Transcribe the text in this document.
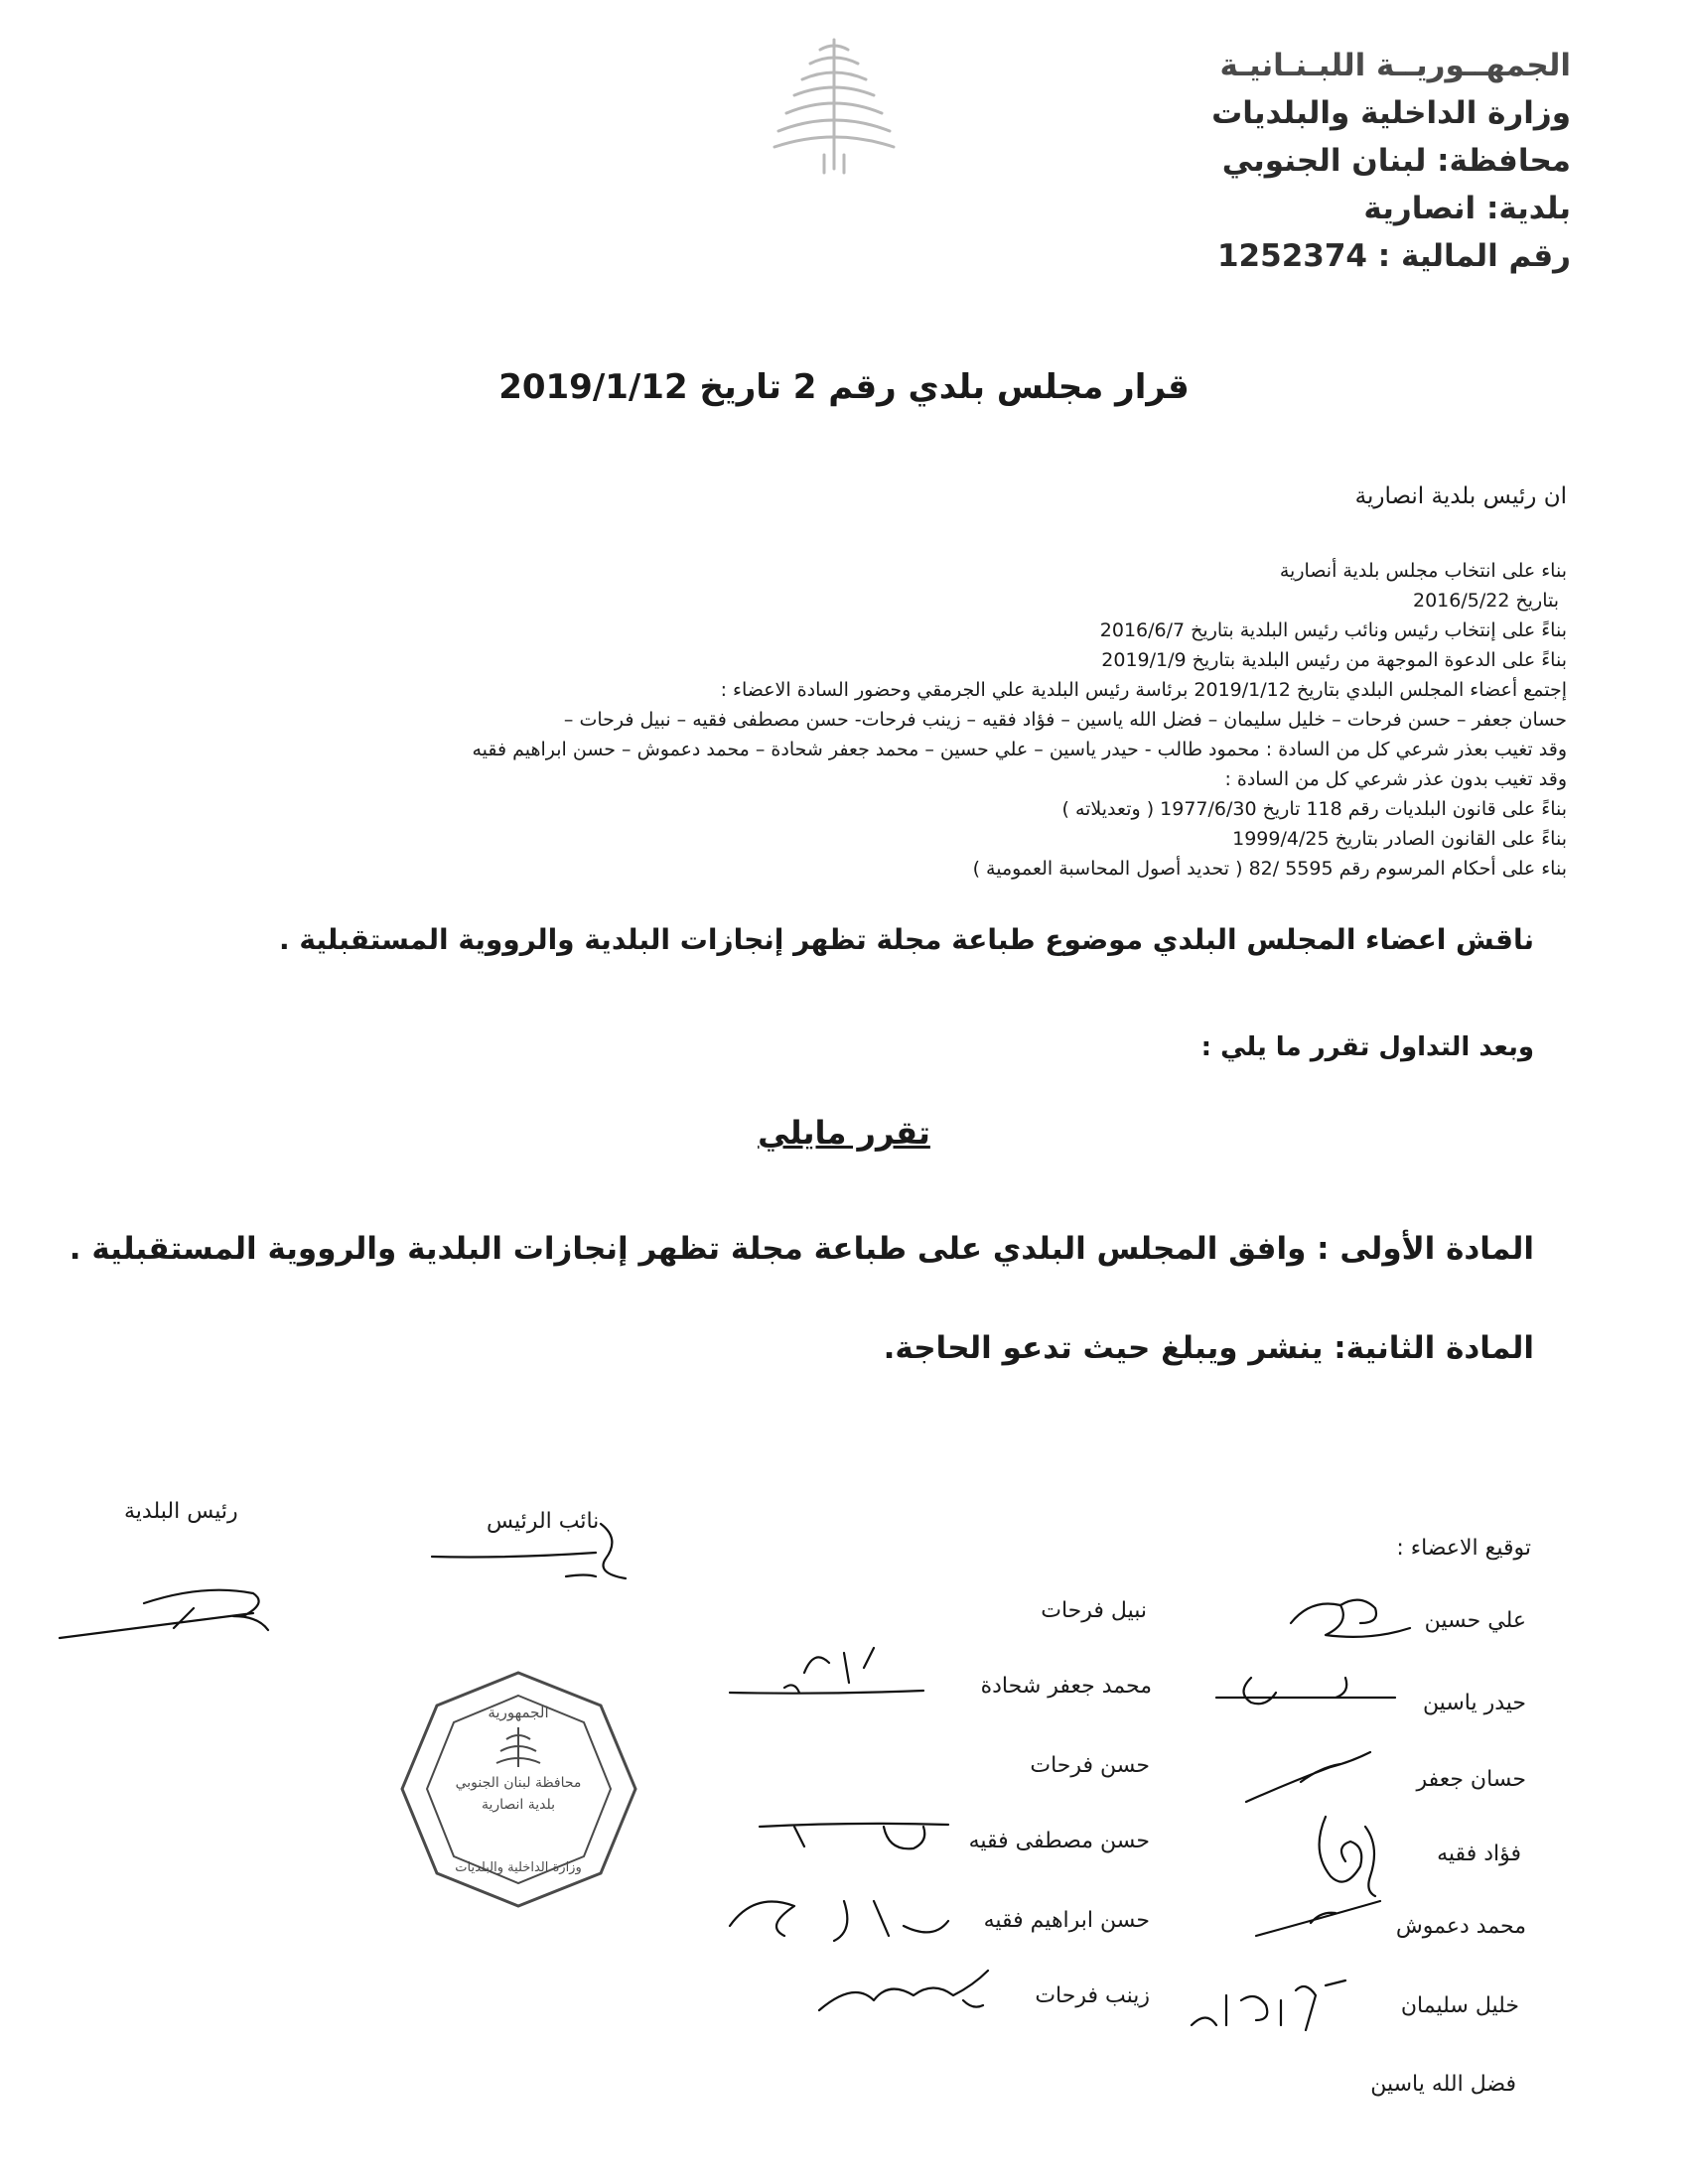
الجمهــوريــة اللبـنـانيـة
وزارة الداخلية والبلديات
محافظة: لبنان الجنوبي
بلدية: انصارية
رقم المالية : 1252374
قرار مجلس بلدي رقم 2 تاريخ 2019/1/12
ان رئيس بلدية انصارية
بناء على انتخاب مجلس بلدية أنصارية
بتاريخ 2016/5/22
بناءً على إنتخاب رئيس ونائب رئيس البلدية بتاريخ 2016/6/7
بناءً على الدعوة الموجهة من رئيس البلدية بتاريخ 2019/1/9
إجتمع أعضاء المجلس البلدي بتاريخ 2019/1/12 برئاسة رئيس البلدية علي الجرمقي وحضور السادة الاعضاء :
حسان جعفر – حسن فرحات – خليل سليمان – فضل الله ياسين – فؤاد فقيه – زينب فرحات- حسن مصطفى فقيه – نبيل فرحات –
وقد تغيب بعذر شرعي كل من السادة : محمود طالب - حيدر ياسين – علي حسين – محمد جعفر شحادة – محمد دعموش – حسن ابراهيم فقيه
وقد تغيب بدون عذر شرعي كل من السادة :
بناءً على قانون البلديات رقم 118 تاريخ 1977/6/30 ( وتعديلاته )
بناءً على القانون الصادر بتاريخ 1999/4/25
بناء على أحكام المرسوم رقم 5595 /82 ( تحديد أصول المحاسبة العمومية )
ناقش اعضاء المجلس البلدي موضوع طباعة مجلة تظهر إنجازات البلدية والرووية المستقبلية .
وبعد التداول تقرر ما يلي :
تقرر مايلي
المادة الأولى : وافق المجلس البلدي على طباعة مجلة تظهر إنجازات البلدية والرووية المستقبلية .
المادة الثانية: ينشر ويبلغ حيث تدعو الحاجة.
رئيس البلدية	نائب الرئيس
توقيع الاعضاء :
علي حسين
حيدر ياسين
حسان جعفر
فؤاد فقيه
محمد دعموش
خليل سليمان
فضل الله ياسين
نبيل فرحات
محمد جعفر شحادة
حسن فرحات
حسن مصطفى فقيه
حسن ابراهيم فقيه
زينب فرحات
الجمهورية
محافظة لبنان الجنوبي
بلدية انصارية
وزارة الداخلية والبلديات
